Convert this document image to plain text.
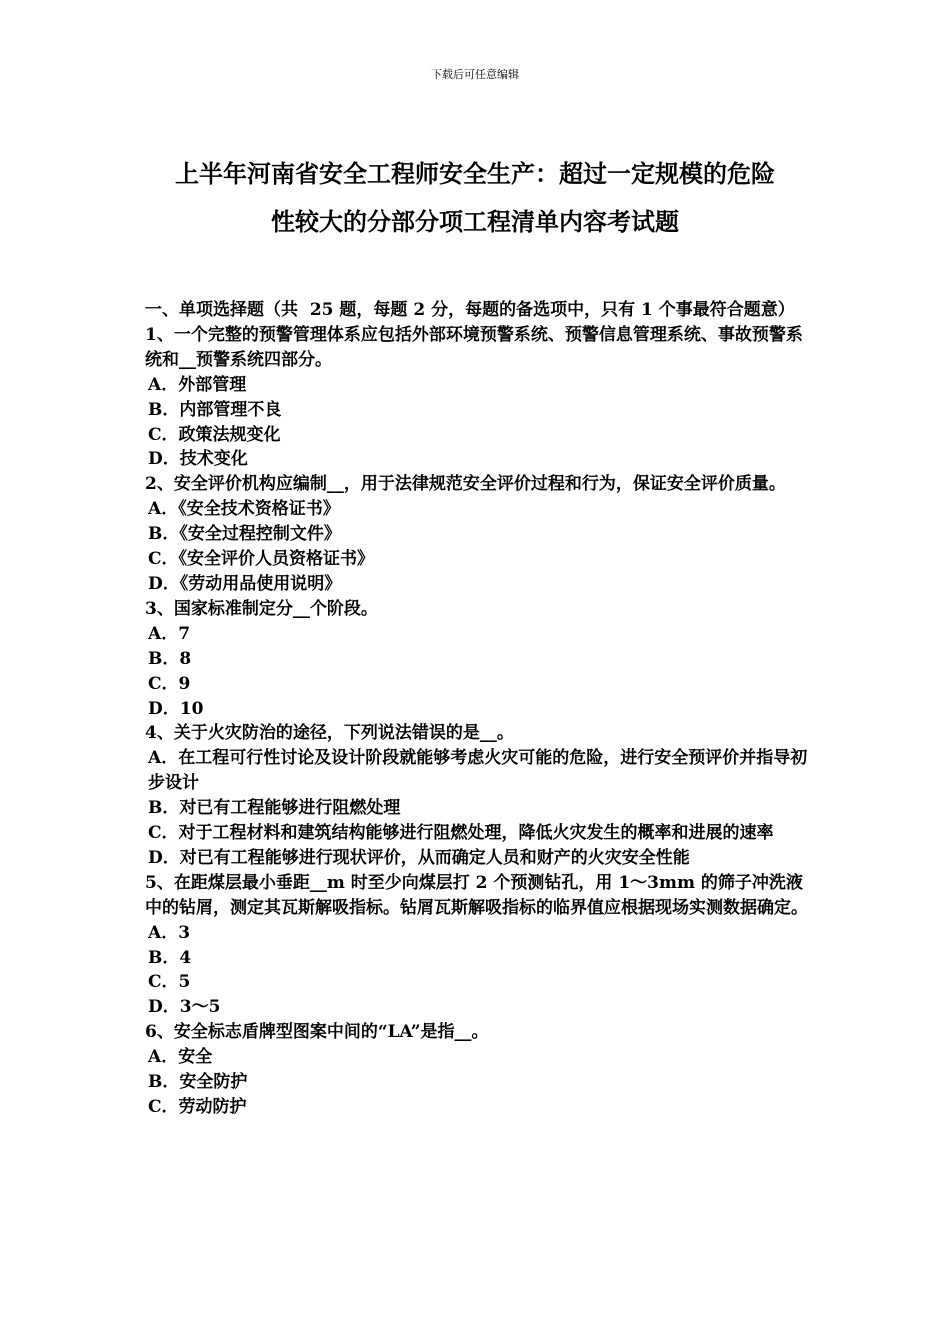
下载后可任意编辑
上半年河南省安全工程师安全生产：超过一定规模的危险
性较大的分部分项工程清单内容考试题

一、单项选择题（共  25 题，每题 2 分，每题的备选项中，只有 1 个事最符合题意）

1、一个完整的预警管理体系应包括外部环境预警系统、预警信息管理系统、事故预警系统和__预警系统四部分。

A．外部管理

B．内部管理不良

C．政策法规变化

D．技术变化

2、安全评价机构应编制__，用于法律规范安全评价过程和行为，保证安全评价质量。

A．《安全技术资格证书》

B．《安全过程控制文件》

C．《安全评价人员资格证书》

D．《劳动用品使用说明》

3、国家标准制定分__个阶段。

A．7

B．8

C．9

D．10

4、关于火灾防治的途径，下列说法错误的是__。

A．在工程可行性讨论及设计阶段就能够考虑火灾可能的危险，进行安全预评价并指导初步设计

B．对已有工程能够进行阻燃处理

C．对于工程材料和建筑结构能够进行阻燃处理，降低火灾发生的概率和进展的速率

D．对已有工程能够进行现状评价，从而确定人员和财产的火灾安全性能

5、在距煤层最小垂距__m 时至少向煤层打 2 个预测钻孔，用 1～3mm 的筛子冲洗液中的钻屑，测定其瓦斯解吸指标。钻屑瓦斯解吸指标的临界值应根据现场实测数据确定。

A．3

B．4

C．5

D．3～5

6、安全标志盾牌型图案中间的“LA”是指__。

A．安全

B．安全防护

C．劳动防护
